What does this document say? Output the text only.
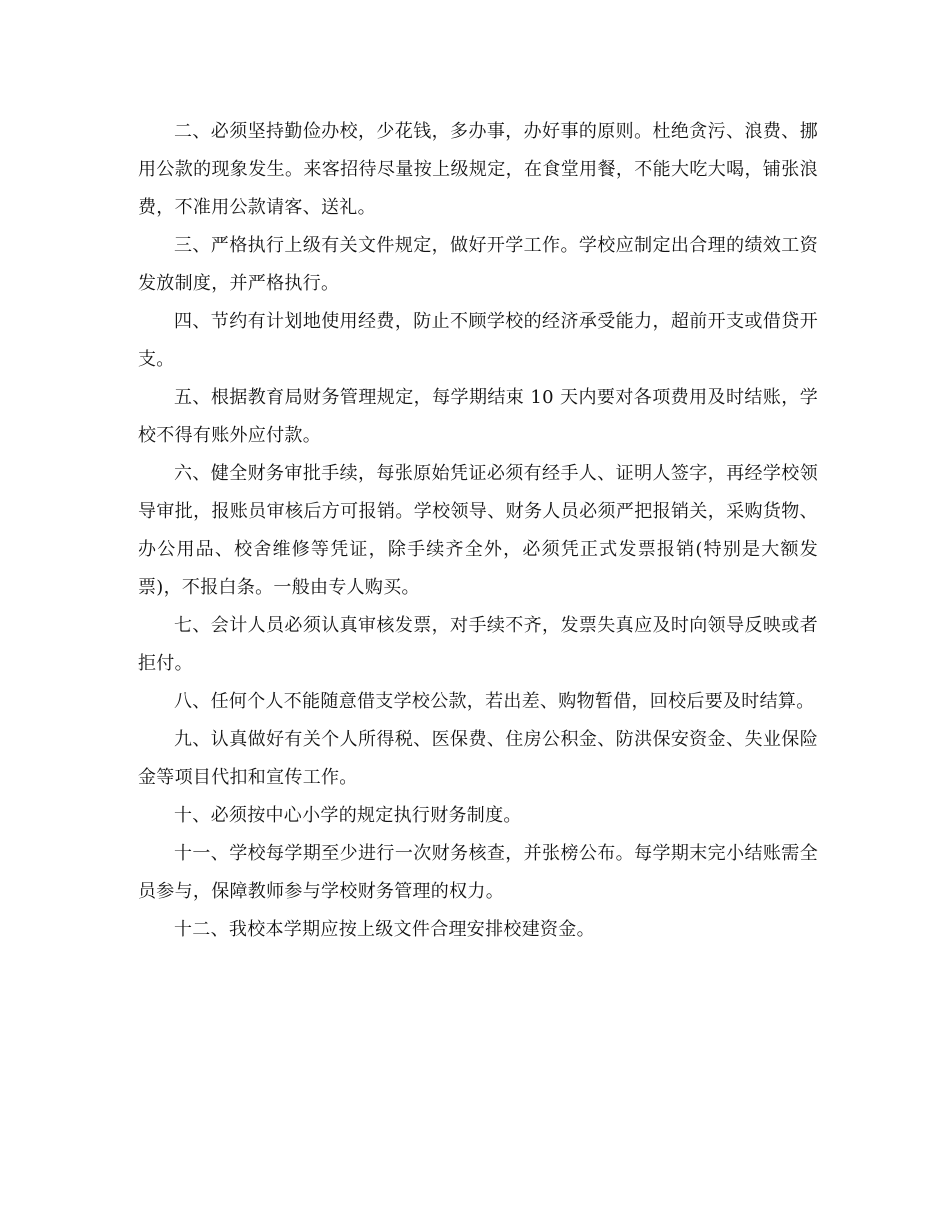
二、必须坚持勤俭办校，少花钱，多办事，办好事的原则。杜绝贪污、浪费、挪用公款的现象发生。来客招待尽量按上级规定，在食堂用餐，不能大吃大喝，铺张浪费，不准用公款请客、送礼。

三、严格执行上级有关文件规定，做好开学工作。学校应制定出合理的绩效工资发放制度，并严格执行。

四、节约有计划地使用经费，防止不顾学校的经济承受能力，超前开支或借贷开支。

五、根据教育局财务管理规定，每学期结束 10 天内要对各项费用及时结账，学校不得有账外应付款。

六、健全财务审批手续，每张原始凭证必须有经手人、证明人签字，再经学校领导审批，报账员审核后方可报销。学校领导、财务人员必须严把报销关，采购货物、办公用品、校舍维修等凭证，除手续齐全外，必须凭正式发票报销(特别是大额发票)，不报白条。一般由专人购买。

七、会计人员必须认真审核发票，对手续不齐，发票失真应及时向领导反映或者拒付。

八、任何个人不能随意借支学校公款，若出差、购物暂借，回校后要及时结算。

九、认真做好有关个人所得税、医保费、住房公积金、防洪保安资金、失业保险金等项目代扣和宣传工作。

十、必须按中心小学的规定执行财务制度。

十一、学校每学期至少进行一次财务核查，并张榜公布。每学期末完小结账需全员参与，保障教师参与学校财务管理的权力。

十二、我校本学期应按上级文件合理安排校建资金。
